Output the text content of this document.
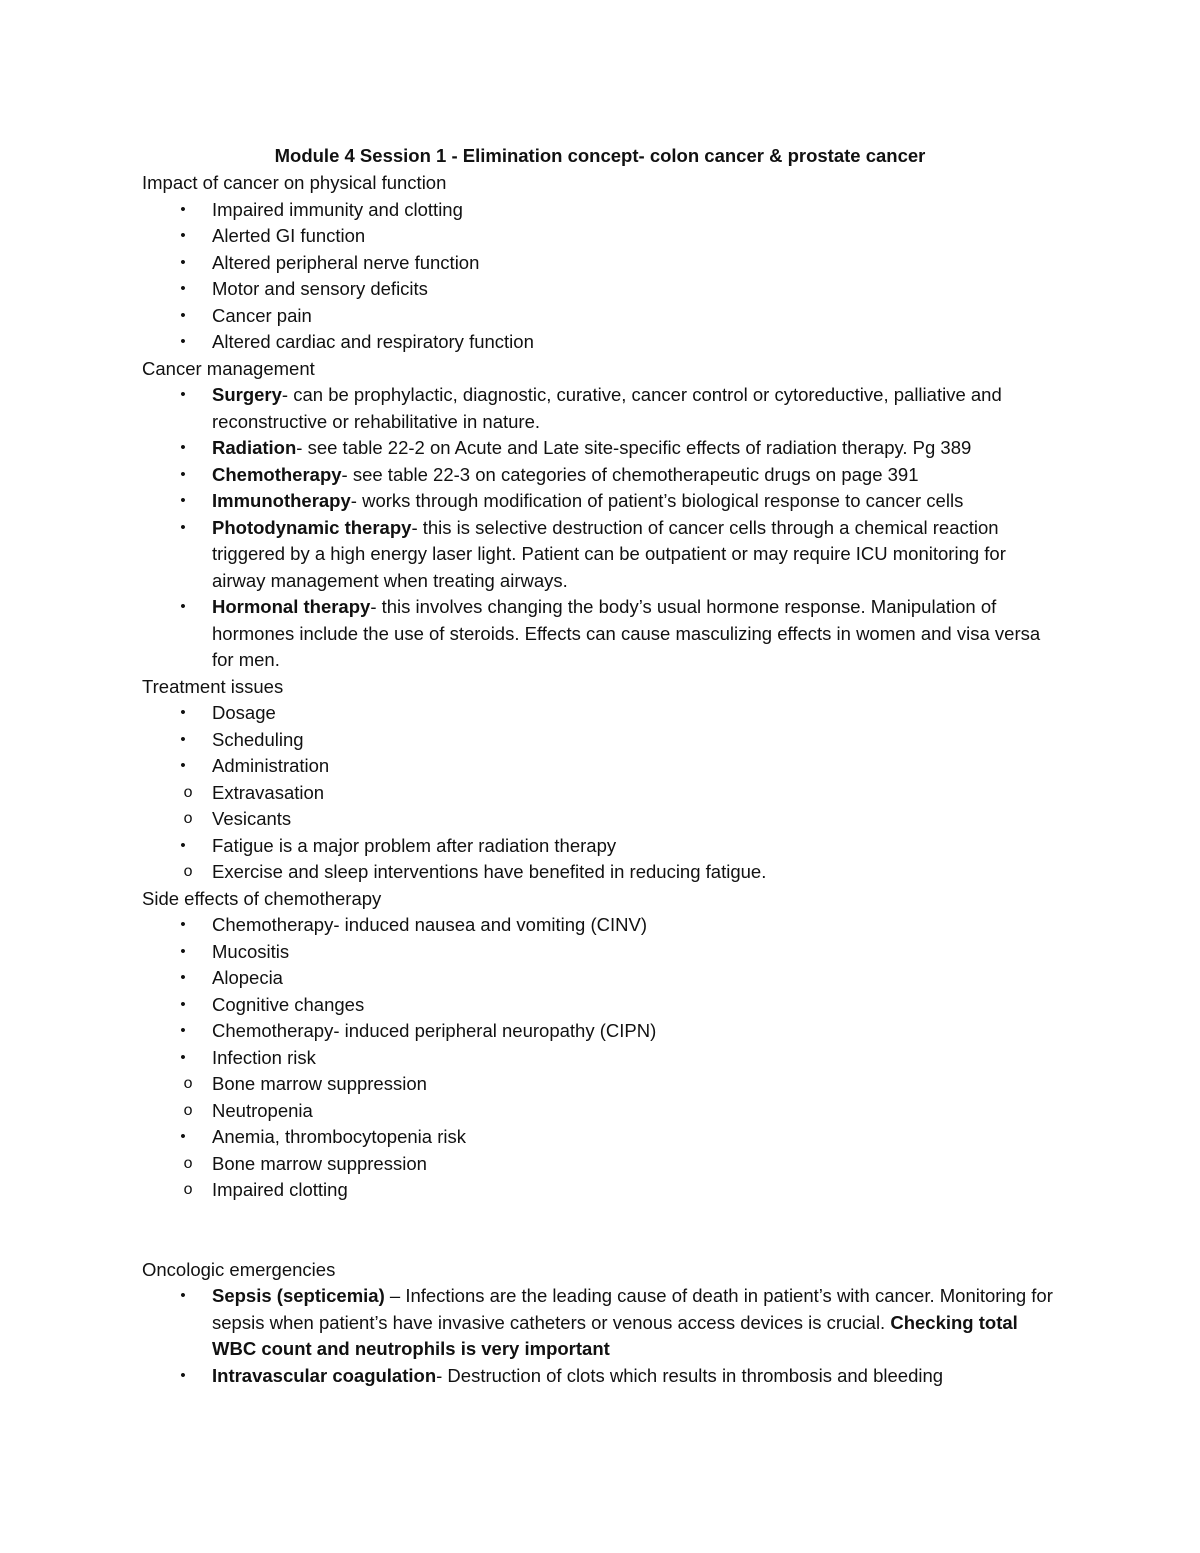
Module 4 Session 1 - Elimination concept- colon cancer & prostate cancer
Impact of cancer on physical function
• Impaired immunity and clotting
• Alerted GI function
• Altered peripheral nerve function
• Motor and sensory deficits
• Cancer pain
• Altered cardiac and respiratory function
Cancer management
• Surgery- can be prophylactic, diagnostic, curative, cancer control or cytoreductive, palliative and reconstructive or rehabilitative in nature.
• Radiation- see table 22-2 on Acute and Late site-specific effects of radiation therapy. Pg 389
• Chemotherapy- see table 22-3 on categories of chemotherapeutic drugs on page 391
• Immunotherapy- works through modification of patient’s biological response to cancer cells
• Photodynamic therapy- this is selective destruction of cancer cells through a chemical reaction triggered by a high energy laser light. Patient can be outpatient or may require ICU monitoring for airway management when treating airways.
• Hormonal therapy- this involves changing the body’s usual hormone response. Manipulation of hormones include the use of steroids. Effects can cause masculizing effects in women and visa versa for men.
Treatment issues
• Dosage
• Scheduling
• Administration
o Extravasation
o Vesicants
• Fatigue is a major problem after radiation therapy
o Exercise and sleep interventions have benefited in reducing fatigue.
Side effects of chemotherapy
• Chemotherapy- induced nausea and vomiting (CINV)
• Mucositis
• Alopecia
• Cognitive changes
• Chemotherapy- induced peripheral neuropathy (CIPN)
• Infection risk
o Bone marrow suppression
o Neutropenia
• Anemia, thrombocytopenia risk
o Bone marrow suppression
o Impaired clotting
Oncologic emergencies
• Sepsis (septicemia) – Infections are the leading cause of death in patient’s with cancer. Monitoring for sepsis when patient’s have invasive catheters or venous access devices is crucial. Checking total WBC count and neutrophils is very important
• Intravascular coagulation- Destruction of clots which results in thrombosis and bleeding
